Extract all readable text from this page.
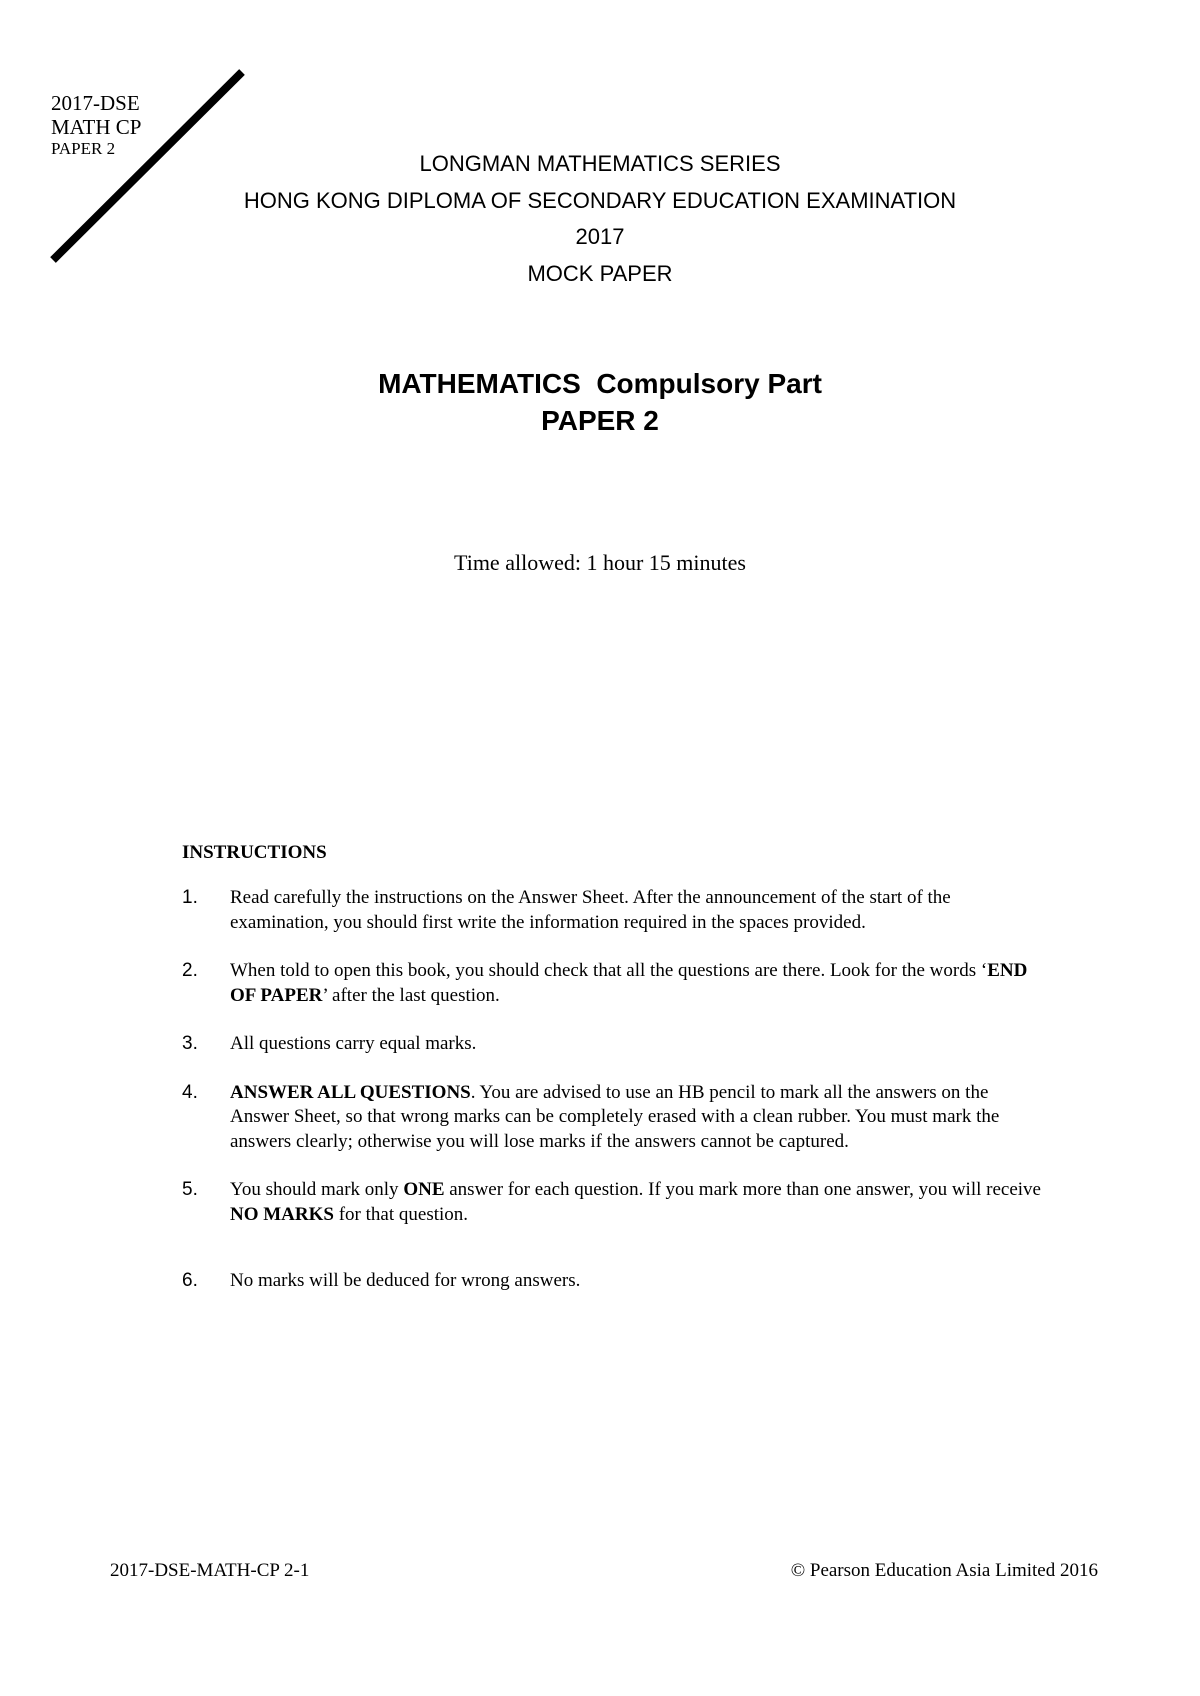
2017-DSE
MATH CP
PAPER 2
LONGMAN MATHEMATICS SERIES
HONG KONG DIPLOMA OF SECONDARY EDUCATION EXAMINATION
2017
MOCK PAPER
MATHEMATICS  Compulsory Part
PAPER 2
Time allowed: 1 hour 15 minutes
INSTRUCTIONS
1. Read carefully the instructions on the Answer Sheet. After the announcement of the start of the examination, you should first write the information required in the spaces provided.
2. When told to open this book, you should check that all the questions are there. Look for the words ‘END OF PAPER’ after the last question.
3. All questions carry equal marks.
4. ANSWER ALL QUESTIONS. You are advised to use an HB pencil to mark all the answers on the Answer Sheet, so that wrong marks can be completely erased with a clean rubber. You must mark the answers clearly; otherwise you will lose marks if the answers cannot be captured.
5. You should mark only ONE answer for each question. If you mark more than one answer, you will receive NO MARKS for that question.
6. No marks will be deduced for wrong answers.
2017-DSE-MATH-CP 2-1	© Pearson Education Asia Limited 2016
